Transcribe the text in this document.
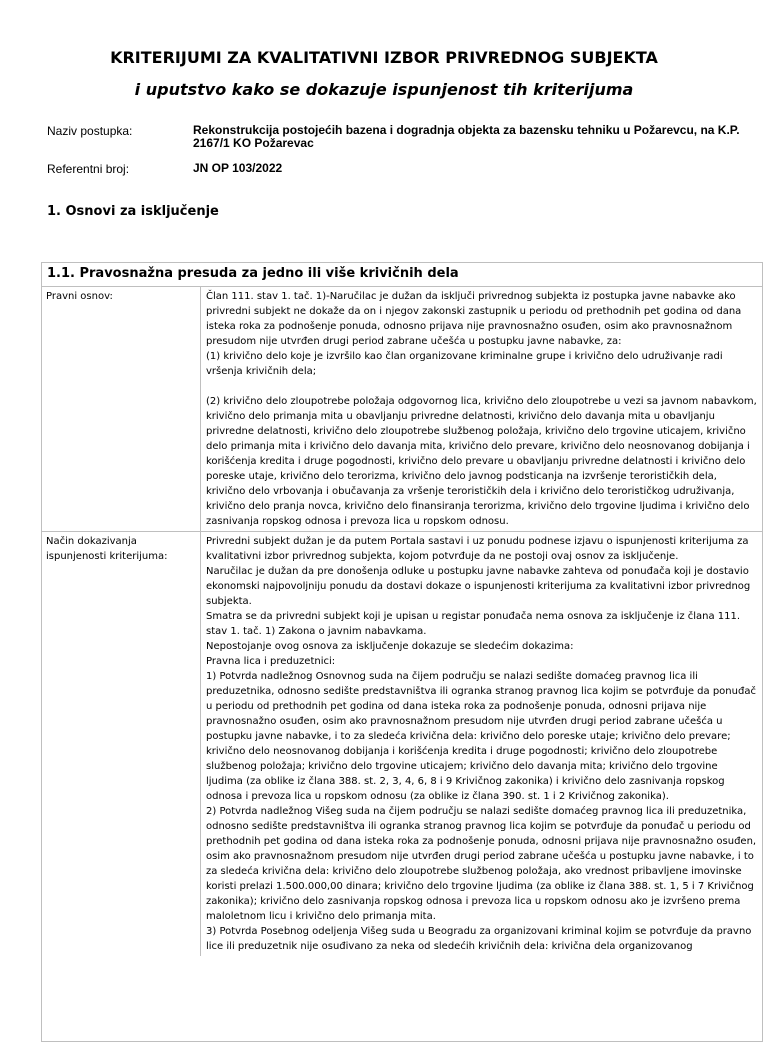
KRITERIJUMI ZA KVALITATIVNI IZBOR PRIVREDNOG SUBJEKTA
i uputstvo kako se dokazuje ispunjenost tih kriterijuma
Naziv postupka:	Rekonstrukcija postojećih bazena i dogradnja objekta za bazensku tehniku u Požarevcu, na K.P. 2167/1 KO Požarevac
Referentni broj:	JN OP 103/2022
1. Osnovi za isključenje
1.1. Pravosnažna presuda za jedno ili više krivičnih dela
Pravni osnov:	Član 111. stav 1. tač. 1)-Naručilac je dužan da isključi privrednog subjekta iz postupka javne nabavke ako privredni subjekt ne dokaže da on i njegov zakonski zastupnik u periodu od prethodnih pet godina od dana isteka roka za podnošenje ponuda, odnosno prijava nije pravnosnažno osuđen, osim ako pravnosnažnom presudom nije utvrđen drugi period zabrane učešća u postupku javne nabavke, za:

(1) krivično delo koje je izvršilo kao član organizovane kriminalne grupe i krivično delo udruživanje radi vršenja krivičnih dela;

(2) krivično delo zloupotrebe položaja odgovornog lica, krivično delo zloupotrebe u vezi sa javnom nabavkom, krivično delo primanja mita u obavljanju privredne delatnosti, krivično delo davanja mita u obavljanju privredne delatnosti, krivično delo zloupotrebe službenog položaja, krivično delo trgovine uticajem, krivično delo primanja mita i krivično delo davanja mita, krivično delo prevare, krivično delo neosnovanog dobijanja i korišćenja kredita i druge pogodnosti, krivično delo prevare u obavljanju privredne delatnosti i krivično delo poreske utaje, krivično delo terorizma, krivično delo javnog podsticanja na izvršenje terorističkih dela, krivično delo vrbovanja i obučavanja za vršenje terorističkih dela i krivično delo terorističkog udruživanja, krivično delo pranja novca, krivično delo finansiranja terorizma, krivično delo trgovine ljudima i krivično delo zasnivanja ropskog odnosa i prevoza lica u ropskom odnosu.

Način dokazivanja ispunjenosti kriterijuma:

Privredni subjekt dužan je da putem Portala sastavi i uz ponudu podnese izjavu o ispunjenosti kriterijuma za kvalitativni izbor privrednog subjekta, kojom potvrđuje da ne postoji ovaj osnov za isključenje.

Naručilac je dužan da pre donošenja odluke u postupku javne nabavke zahteva od ponuđača koji je dostavio ekonomski najpovoljniju ponudu da dostavi dokaze o ispunjenosti kriterijuma za kvalitativni izbor privrednog subjekta.

Smatra se da privredni subjekt koji je upisan u registar ponuđača nema osnova za isključenje iz člana 111. stav 1. tač. 1) Zakona o javnim nabavkama.

Nepostojanje ovog osnova za isključenje dokazuje se sledećim dokazima:

Pravna lica i preduzetnici:

1) Potvrda nadležnog Osnovnog suda na čijem području se nalazi sedište domaćeg pravnog lica ili preduzetnika, odnosno sedište predstavništva ili ogranka stranog pravnog lica kojim se potvrđuje da ponuđač u periodu od prethodnih pet godina od dana isteka roka za podnošenje ponuda, odnosni prijava nije pravnosnažno osuđen, osim ako pravnosnažnom presudom nije utvrđen drugi period zabrane učešća u postupku javne nabavke, i to za sledeća krivična dela: krivično delo poreske utaje; krivično delo prevare; krivično delo neosnovanog dobijanja i korišćenja kredita i druge pogodnosti; krivično delo zloupotrebe službenog položaja; krivično delo trgovine uticajem; krivično delo davanja mita; krivično delo trgovine ljudima (za oblike iz člana 388. st. 2, 3, 4, 6, 8 i 9 Krivičnog zakonika) i krivično delo zasnivanja ropskog odnosa i prevoza lica u ropskom odnosu (za oblike iz člana 390. st. 1 i 2 Krivičnog zakonika).

2) Potvrda nadležnog Višeg suda na čijem području se nalazi sedište domaćeg pravnog lica ili preduzetnika, odnosno sedište predstavništva ili ogranka stranog pravnog lica kojim se potvrđuje da ponuđač u periodu od prethodnih pet godina od dana isteka roka za podnošenje ponuda, odnosni prijava nije pravnosnažno osuđen, osim ako pravnosnažnom presudom nije utvrđen drugi period zabrane učešća u postupku javne nabavke, i to za sledeća krivična dela: krivično delo zloupotrebe službenog položaja, ako vrednost pribavljene imovinske koristi prelazi 1.500.000,00 dinara; krivično delo trgovine ljudima (za oblike iz člana 388. st. 1, 5 i 7 Krivičnog zakonika); krivično delo zasnivanja ropskog odnosa i prevoza lica u ropskom odnosu ako je izvršeno prema maloletnom licu i krivično delo primanja mita.

3) Potvrda Posebnog odeljenja Višeg suda u Beogradu za organizovani kriminal kojim se potvrđuje da pravno lice ili preduzetnik nije osuđivano za neka od sledećih krivičnih dela: krivična dela organizovanog
